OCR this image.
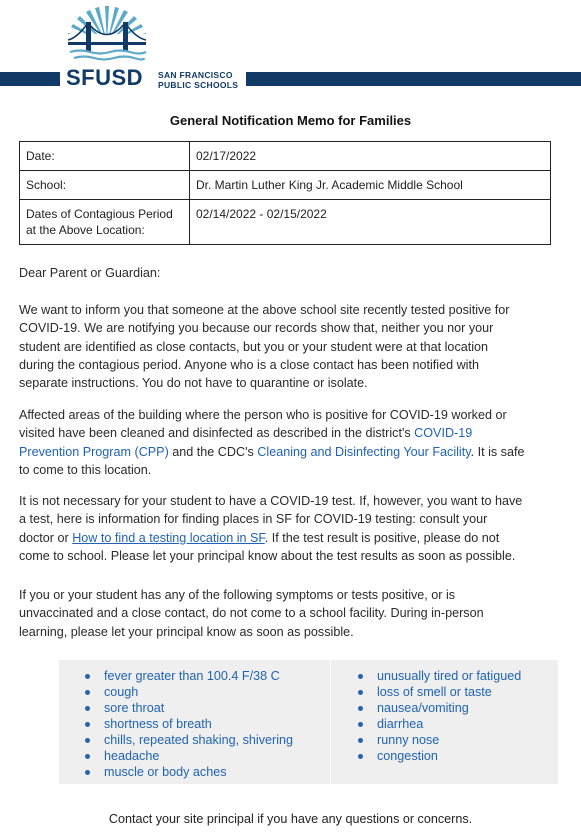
SFUSD SAN FRANCISCO
PUBLIC SCHOOLS
General Notification Memo for Families
Date:	02/17/2022
School:	Dr. Martin Luther King Jr. Academic Middle School

Dates of Contagious Period
at the Above Location:	02/14/2022 - 02/15/2022
Dear Parent or Guardian:
We want to inform you that someone at the above school site recently tested positive for
COVID-19. We are notifying you because our records show that, neither you nor your
student are identified as close contacts, but you or your student were at that location
during the contagious period. Anyone who is a close contact has been notified with
separate instructions. You do not have to quarantine or isolate.
Affected areas of the building where the person who is positive for COVID-19 worked or
visited have been cleaned and disinfected as described in the district's COVID-19
Prevention Program (CPP) and the CDC's Cleaning and Disinfecting Your Facility. It is safe
to come to this location.
It is not necessary for your student to have a COVID-19 test. If, however, you want to have
a test, here is information for finding places in SF for COVID-19 testing: consult your
doctor or How to find a testing location in SF. If the test result is positive, please do not
come to school. Please let your principal know about the test results as soon as possible.
If you or your student has any of the following symptoms or tests positive, or is
unvaccinated and a close contact, do not come to a school facility. During in-person
learning, please let your principal know as soon as possible.
fever greater than 100.4 F/38 C
cough
sore throat
shortness of breath
chills, repeated shaking, shivering
headache
muscle or body aches
unusually tired or fatigued
loss of smell or taste
nausea/vomiting
diarrhea
runny nose
congestion
Contact your site principal if you have any questions or concerns.
